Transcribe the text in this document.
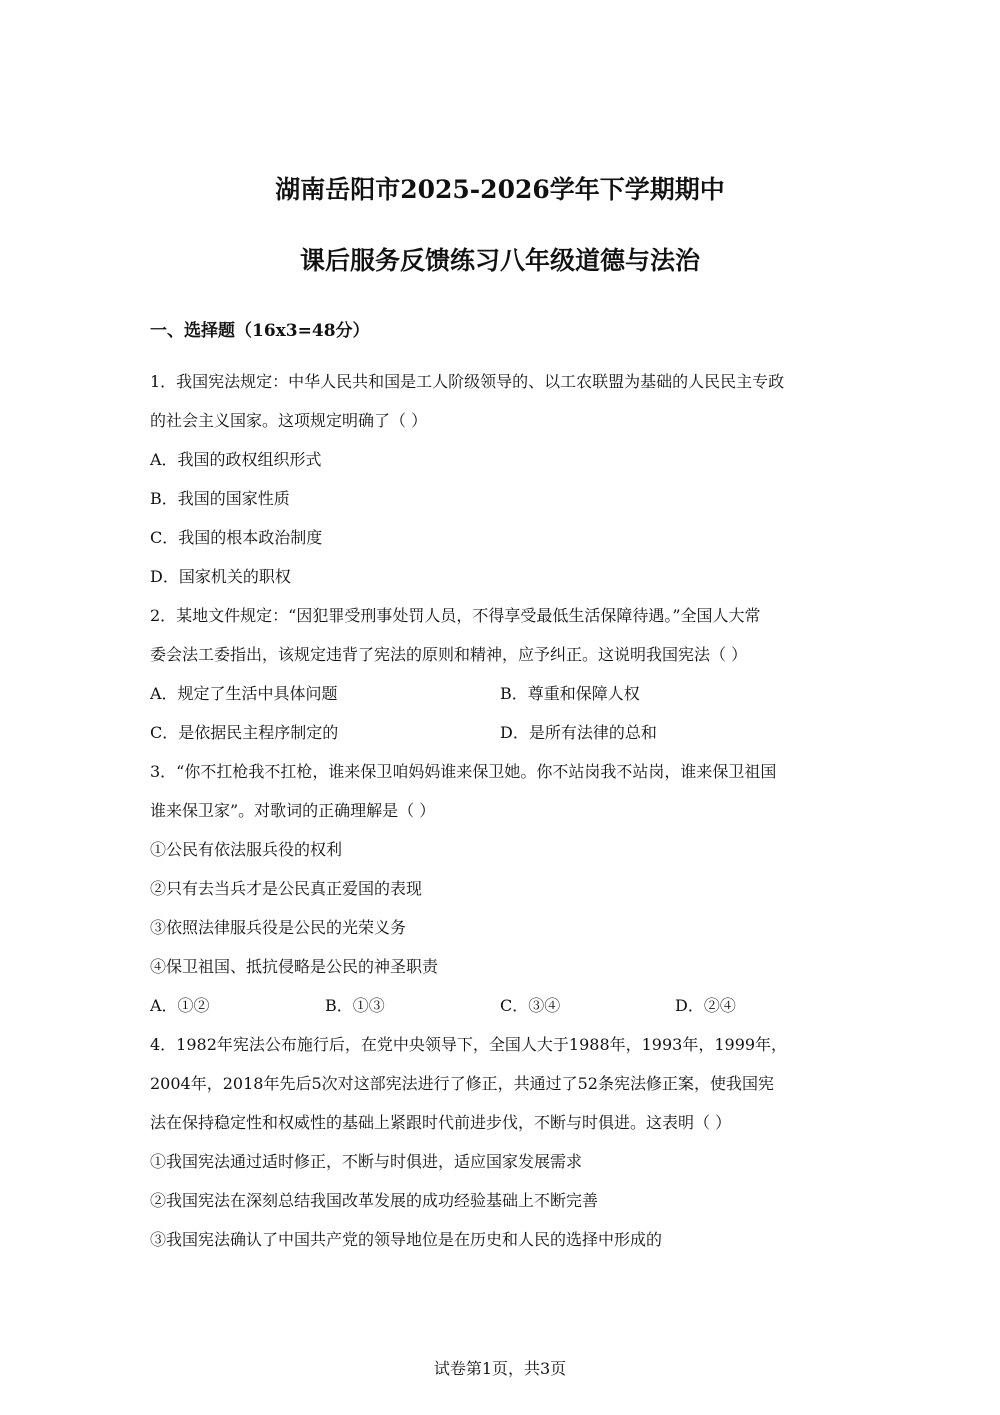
湖南岳阳市2025-2026学年下学期期中
课后服务反馈练习八年级道德与法治
一、选择题（16x3=48分）
1．我国宪法规定：中华人民共和国是工人阶级领导的、以工农联盟为基础的人民民主专政
的社会主义国家。这项规定明确了（ ）
A．我国的政权组织形式
B．我国的国家性质
C．我国的根本政治制度
D．国家机关的职权
2．某地文件规定：“因犯罪受刑事处罚人员，不得享受最低生活保障待遇。”全国人大常
委会法工委指出，该规定违背了宪法的原则和精神，应予纠正。这说明我国宪法（ ）
A．规定了生活中具体问题	B．尊重和保障人权
C．是依据民主程序制定的	D．是所有法律的总和
3．“你不扛枪我不扛枪，谁来保卫咱妈妈谁来保卫她。你不站岗我不站岗，谁来保卫祖国
谁来保卫家”。对歌词的正确理解是（ ）
①公民有依法服兵役的权利
②只有去当兵才是公民真正爱国的表现
③依照法律服兵役是公民的光荣义务
④保卫祖国、抵抗侵略是公民的神圣职责
A．①②	B．①③	C．③④	D．②④
4．1982年宪法公布施行后，在党中央领导下，全国人大于1988年，1993年，1999年，
2004年，2018年先后5次对这部宪法进行了修正，共通过了52条宪法修正案，使我国宪
法在保持稳定性和权威性的基础上紧跟时代前进步伐，不断与时俱进。这表明（ ）
①我国宪法通过适时修正，不断与时俱进，适应国家发展需求
②我国宪法在深刻总结我国改革发展的成功经验基础上不断完善
③我国宪法确认了中国共产党的领导地位是在历史和人民的选择中形成的
试卷第1页，共3页
